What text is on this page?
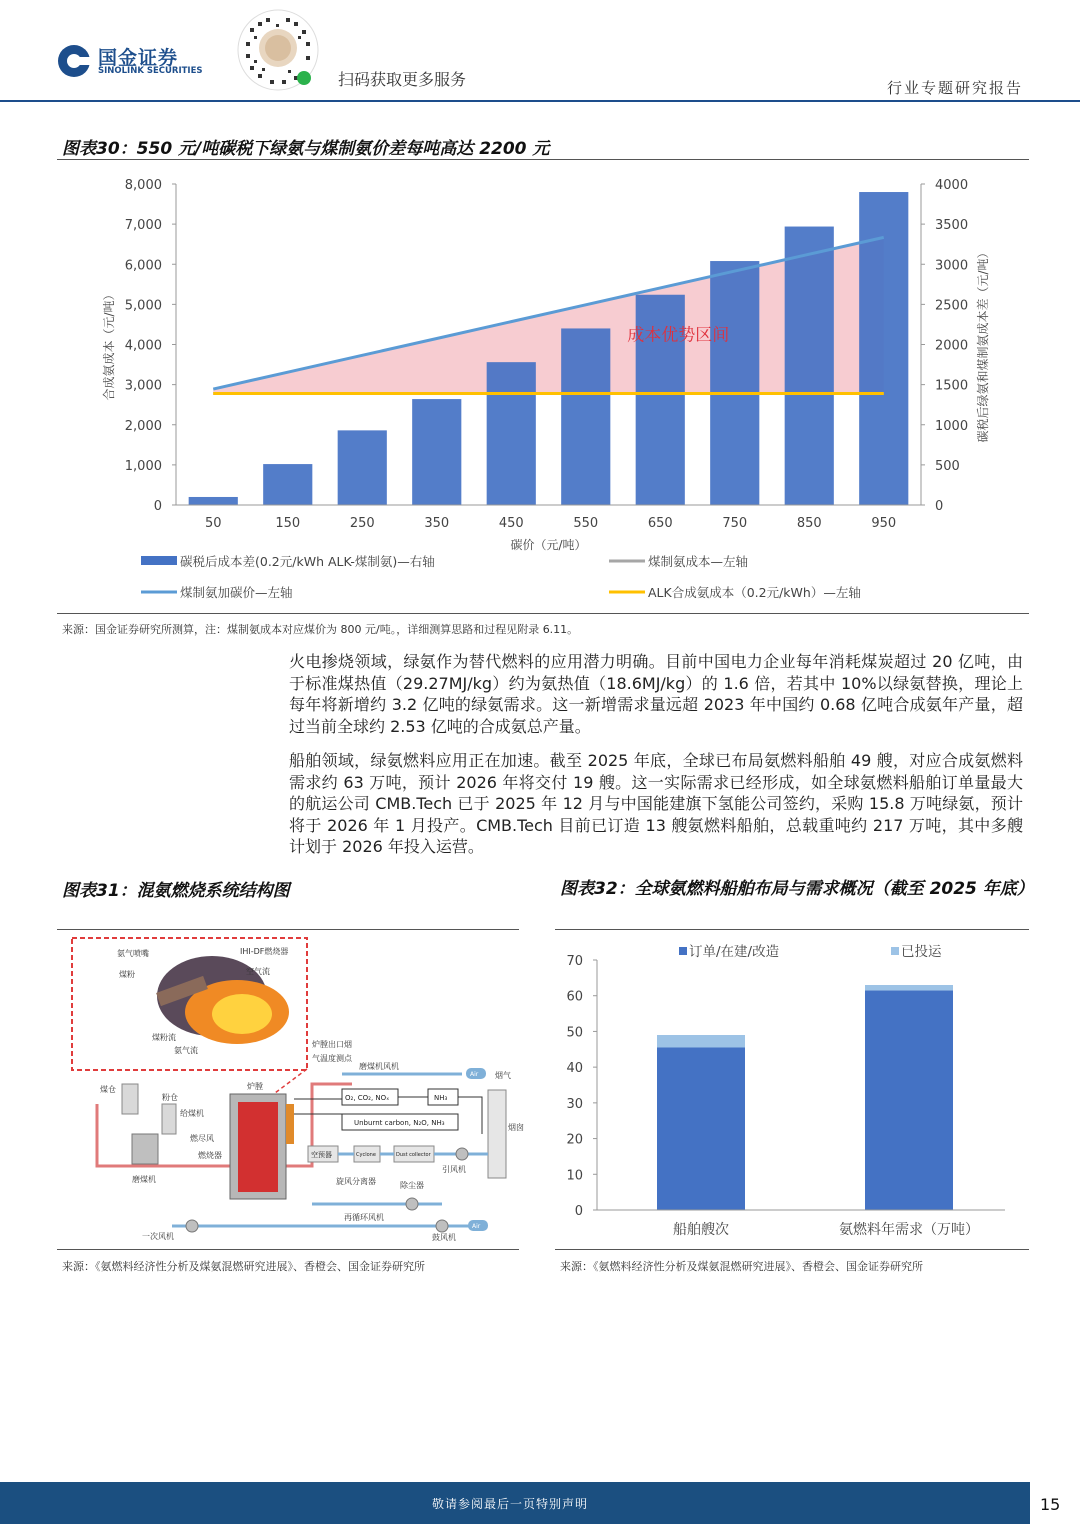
国金证券
SINOLINK SECURITIES	扫码获取更多服务	行业专题研究报告
图表30：550 元/吨碳税下绿氨与煤制氨价差每吨高达 2200 元
成本优势区间
0
1,000
2,000
3,000
4,000
5,000
6,000
7,000
8,000
0
500
1000
1500
2000
2500
3000
3500
4000
50	150	250	350	450	550	650	750	850	950
碳价（元/吨）
合成氨成本（元/吨）	碳税后绿氨和煤制氨成本差（元/吨）
碳税后成本差(0.2元/kWh ALK-煤制氨)—右轴	煤制氨成本—左轴
煤制氨加碳价—左轴	ALK合成氨成本（0.2元/kWh）—左轴
来源：国金证券研究所测算，注：煤制氨成本对应煤价为 800 元/吨。，详细测算思路和过程见附录 6.11。

火电掺烧领域，绿氨作为替代燃料的应用潜力明确。目前中国电力企业每年消耗煤炭超过 20 亿吨，由于标准煤热值（29.27MJ/kg）约为氨热值（18.6MJ/kg）的 1.6 倍，若其中 10%以绿氨替换，理论上每年将新增约 3.2 亿吨的绿氨需求。这一新增需求量远超 2023 年中国约 0.68 亿吨合成氨年产量，超过当前全球约 2.53 亿吨的合成氨总产量。

船舶领域，绿氨燃料应用正在加速。截至 2025 年底，全球已布局氨燃料船舶 49 艘，对应合成氨燃料需求约 63 万吨，预计 2026 年将交付 19 艘。这一实际需求已经形成，如全球氨燃料船舶订单量最大的航运公司 CMB.Tech 已于 2025 年 12 月与中国能建旗下氢能公司签约，采购 15.8 万吨绿氨，预计将于 2026 年 1 月投产。CMB.Tech 目前已订造 13 艘氨燃料船舶，总载重吨约 217 万吨，其中多艘计划于 2026 年投入运营。

图表31：混氨燃烧系统结构图
氨气喷嘴	IHI-DF燃烧器
煤粉	空气流
煤粉流
氨气流
炉膛出口烟
气温度测点
磨煤机风机
烟气
煤仓
粉仓
给煤机
磨煤机
燃尽风
燃烧器
炉膛
O₂, CO₂, NOₓ	NH₃
Unburnt carbon, N₂O, NH₃	烟囱
空预器	Cyclone	Dust collector
引风机
旋风分离器	除尘器
Air
Air
一次风机
再循环风机
鼓风机
来源：《氨燃料经济性分析及煤氨混燃研究进展》、香橙会、国金证券研究所
图表32：全球氨燃料船舶布局与需求概况（截至 2025 年底）
船舶艘次	氨燃料年需求（万吨）
0
10
20
30
40
50
60
70
订单/在建/改造	已投运
来源：《氨燃料经济性分析及煤氨混燃研究进展》、香橙会、国金证券研究所
敬请参阅最后一页特别声明	15
